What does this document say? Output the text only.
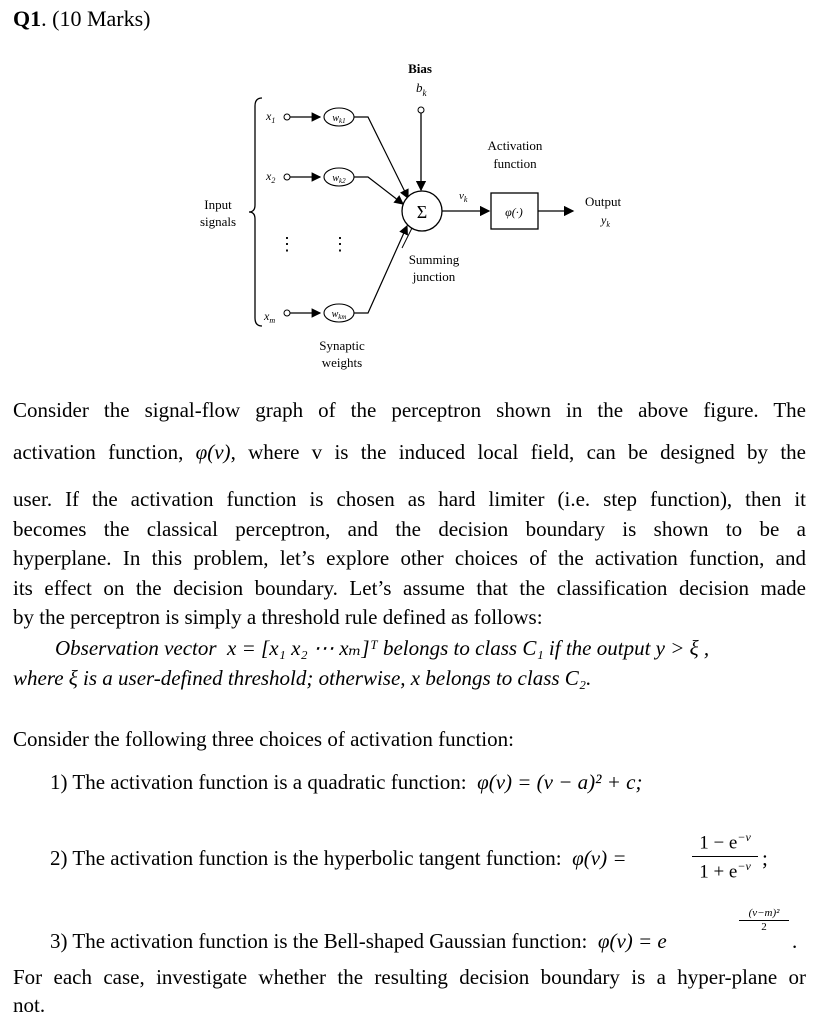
Q1. (10 Marks)
Bias
$b_k$
Input
signals
$x_1$	$w_{k1}$
$x_2$	$w_{k2}$
⋮ ⋮
$x_m$
$w_{km}$
Synaptic
weights
Σ
Summing
junction
$v_k$
Activation
function
φ(·)
Output
$y_k$
Consider the signal-flow graph of the perceptron shown in the above figure. The
activation function, φ(v), where v is the induced local field, can be designed by the
user. If the activation function is chosen as hard limiter (i.e. step function), then it
becomes the classical perceptron, and the decision boundary is shown to be a
hyperplane. In this problem, let’s explore other choices of the activation function, and
its effect on the decision boundary. Let’s assume that the classification decision made
by the perceptron is simply a threshold rule defined as follows:
Observation vector x = [x₁ x₂ ⋯ xₘ]ᵀ belongs to class C₁ if the output y > ξ ,
where ξ is a user-defined threshold; otherwise, x belongs to class C₂.
Consider the following three choices of activation function:
1) The activation function is a quadratic function: φ(v) = (v − a)² + c;
2) The activation function is the hyperbolic tangent function: φ(v) =	$\frac{1 - e^{-v}}{1 + e^{-v}}$ ;
3) The activation function is the Bell-shaped Gaussian function: φ(v) = e
$\frac{\text{(v−m)²}}{2}$
.
For each case, investigate whether the resulting decision boundary is a hyper-plane or
not.
